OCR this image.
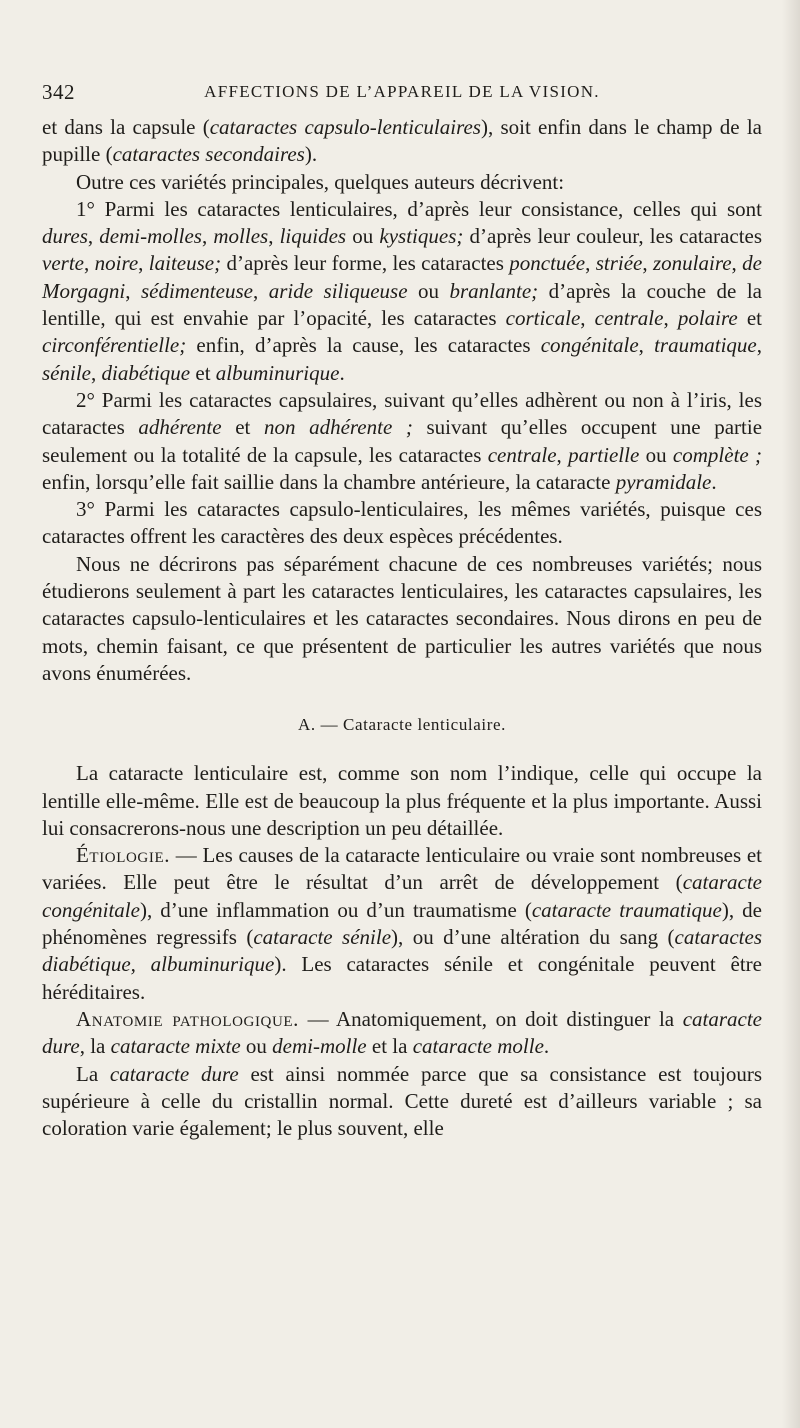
342	AFFECTIONS DE L’APPAREIL DE LA VISION.

et dans la capsule (cataractes capsulo-lenticulaires), soit enfin dans le champ de la pupille (cataractes secondaires).

Outre ces variétés principales, quelques auteurs décrivent:

1° Parmi les cataractes lenticulaires, d’après leur consistance, celles qui sont dures, demi-molles, molles, liquides ou kystiques; d’après leur couleur, les cataractes verte, noire, laiteuse; d’après leur forme, les cataractes ponctuée, striée, zonulaire, de Morgagni, sédimenteuse, aride siliqueuse ou branlante; d’après la couche de la lentille, qui est envahie par l’opacité, les cataractes corticale, centrale, polaire et circonférentielle; enfin, d’après la cause, les cataractes congénitale, traumatique, sénile, diabétique et albuminurique.

2° Parmi les cataractes capsulaires, suivant qu’elles adhèrent ou non à l’iris, les cataractes adhérente et non adhérente ; suivant qu’elles occupent une partie seulement ou la totalité de la capsule, les cataractes centrale, partielle ou complète ; enfin, lorsqu’elle fait saillie dans la chambre antérieure, la cataracte pyramidale.

3° Parmi les cataractes capsulo-lenticulaires, les mêmes variétés, puisque ces cataractes offrent les caractères des deux espèces précédentes.

Nous ne décrirons pas séparément chacune de ces nombreuses variétés; nous étudierons seulement à part les cataractes lenticulaires, les cataractes capsulaires, les cataractes capsulo-lenticulaires et les cataractes secondaires. Nous dirons en peu de mots, chemin faisant, ce que présentent de particulier les autres variétés que nous avons énumérées.

A. — Cataracte lenticulaire.

La cataracte lenticulaire est, comme son nom l’indique, celle qui occupe la lentille elle-même. Elle est de beaucoup la plus fréquente et la plus importante. Aussi lui consacrerons-nous une description un peu détaillée.

Étiologie. — Les causes de la cataracte lenticulaire ou vraie sont nombreuses et variées. Elle peut être le résultat d’un arrêt de développement (cataracte congénitale), d’une inflammation ou d’un traumatisme (cataracte traumatique), de phénomènes regressifs (cataracte sénile), ou d’une altération du sang (cataractes diabétique, albuminurique). Les cataractes sénile et congénitale peuvent être héréditaires.

Anatomie pathologique. — Anatomiquement, on doit distinguer la cataracte dure, la cataracte mixte ou demi-molle et la cataracte molle.

La cataracte dure est ainsi nommée parce que sa consistance est toujours supérieure à celle du cristallin normal. Cette dureté est d’ailleurs variable ; sa coloration varie également; le plus souvent, elle
